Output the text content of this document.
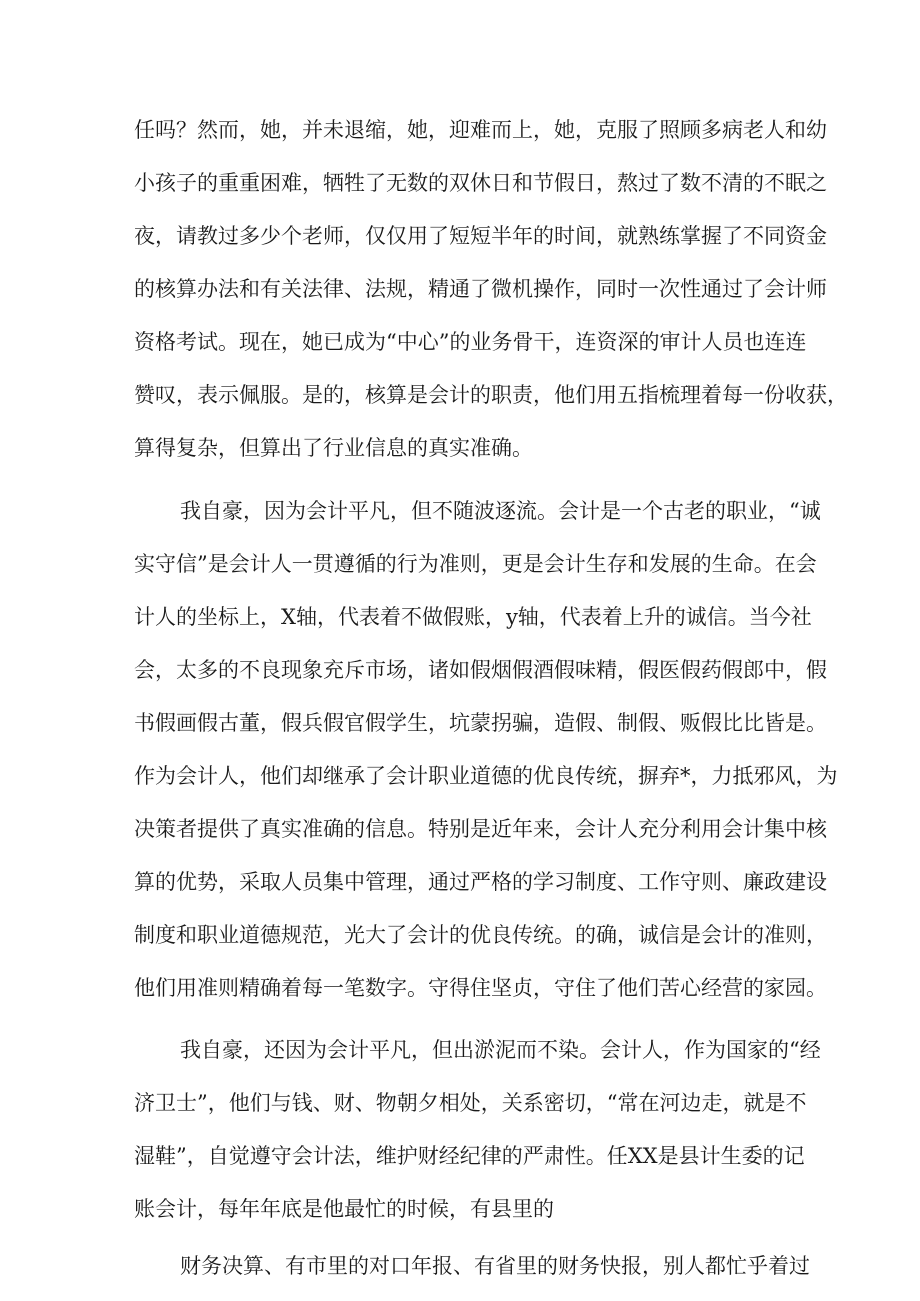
任吗？然而，她，并未退缩，她，迎难而上，她，克服了照顾多病老人和幼
小孩子的重重困难，牺牲了无数的双休日和节假日，熬过了数不清的不眠之
夜，请教过多少个老师，仅仅用了短短半年的时间，就熟练掌握了不同资金
的核算办法和有关法律、法规，精通了微机操作，同时一次性通过了会计师
资格考试。现在，她已成为“中心”的业务骨干，连资深的审计人员也连连
赞叹，表示佩服。是的，核算是会计的职责，他们用五指梳理着每一份收获，
算得复杂，但算出了行业信息的真实准确。
我自豪，因为会计平凡，但不随波逐流。会计是一个古老的职业，“诚
实守信”是会计人一贯遵循的行为准则，更是会计生存和发展的生命。在会
计人的坐标上，X轴，代表着不做假账，y轴，代表着上升的诚信。当今社
会，太多的不良现象充斥市场，诸如假烟假酒假味精，假医假药假郎中，假
书假画假古董，假兵假官假学生，坑蒙拐骗，造假、制假、贩假比比皆是。
作为会计人，他们却继承了会计职业道德的优良传统，摒弃*，力抵邪风，为
决策者提供了真实准确的信息。特别是近年来，会计人充分利用会计集中核
算的优势，采取人员集中管理，通过严格的学习制度、工作守则、廉政建设
制度和职业道德规范，光大了会计的优良传统。的确，诚信是会计的准则，
他们用准则精确着每一笔数字。守得住坚贞，守住了他们苦心经营的家园。
我自豪，还因为会计平凡，但出淤泥而不染。会计人，作为国家的“经
济卫士”，他们与钱、财、物朝夕相处，关系密切，“常在河边走，就是不
湿鞋”，自觉遵守会计法，维护财经纪律的严肃性。任XX是县计生委的记
账会计，每年年底是他最忙的时候，有县里的
财务决算、有市里的对口年报、有省里的财务快报，别人都忙乎着过
